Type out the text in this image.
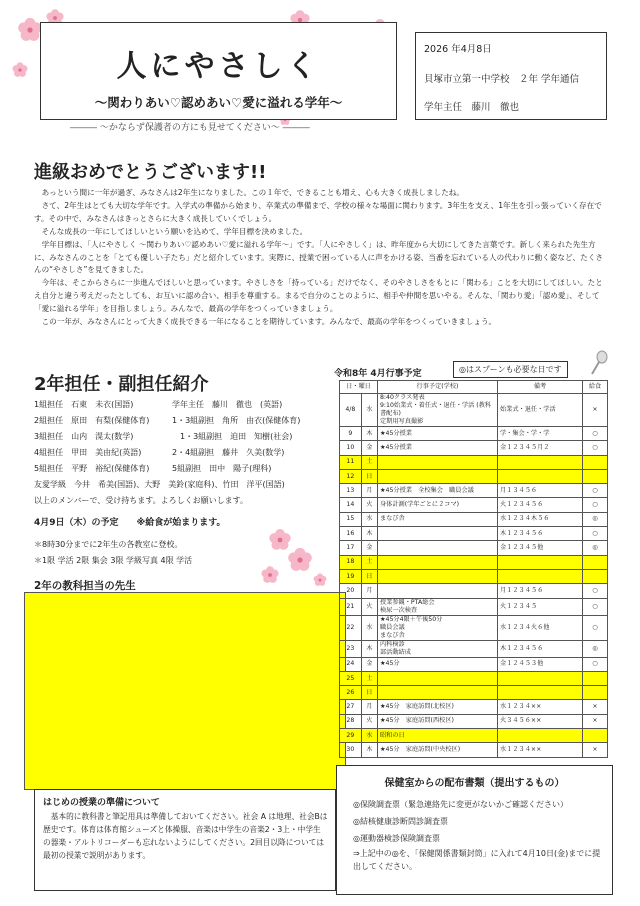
人にやさしく
～関わりあい♡認めあい♡愛に溢れる学年～
――― ～かならず保護者の方にも見せてください～ ―――
2026 年4月8日
貝塚市立第一中学校　２年 学年通信
学年主任　藤川　徹也
進級おめでとうございます!!

　あっという間に一年が過ぎ、みなさんは2年生になりました。この１年で、できることも増え、心も大きく成長しましたね。

　さて、2年生はとても大切な学年です。入学式の準備から始まり、卒業式の準備まで、学校の様々な場面に関わります。3年生を支え、1年生を引っ張っていく存在です。その中で、みなさんはきっとさらに大きく成長していくでしょう。

　そんな成長の一年にしてほしいという願いを込めて、学年目標を決めました。

　学年目標は、「人にやさしく ～関わりあい♡認めあい♡愛に溢れる学年～」です。「人にやさしく」は、昨年度から大切にしてきた言葉です。新しく来られた先生方に、みなさんのことを「とても優しい子たち」だと紹介しています。実際に、授業で困っている人に声をかける姿、当番を忘れている人の代わりに動く姿など、たくさんの“やさしさ”を見てきました。

　今年は、そこからさらに一歩進んでほしいと思っています。やさしさを「持っている」だけでなく、そのやさしさをもとに「関わる」ことを大切にしてほしい。たとえ自分と違う考えだったとしても、お互いに認め合い、相手を尊重する。まるで自分のことのように、相手や仲間を思いやる。そんな、「関わり愛」「認め愛」、そして「愛に溢れる学年」を目指しましょう。みんなで、最高の学年をつくっていきましょう。

　この一年が、みなさんにとって大きく成長できる一年になることを期待しています。みんなで、最高の学年をつくっていきましょう。

2年担任・副担任紹介
1組担任　石東　未衣(国語)	学年主任　藤川　徹也　(英語)
2組担任　原田　有梨(保健体育)	1・3組副担　角所　由衣(保健体育)
3組担任　山内　滉太(数学)	　1・3組副担　迫田　知樹(社会)
4組担任　甲田　美由紀(英語)	2・4組副担　藤井　久美(数学)
5組担任　平野　裕紀(保健体育)	5組副担　田中　陽子(理科)
友愛学級　今井　希美(国語)、大野　美鈴(家庭科)、竹田　洋平(国語)
以上のメンバーで、受け持ちます。よろしくお願いします。
4月9日（木）の予定　　※給食が始まります。
＊8時30分までに2年生の各教室に登校。
＊1限 学活 2限 集会 3限 学級写真 4限 学活
2年の教科担当の先生
はじめの授業の準備について
　基本的に教科書と筆記用具は準備しておいてください。社会 A は地理、社会Bは歴史です。体育は体育館シューズと体操服、音楽は中学生の音楽2・3上・中学生の器楽・アルトリコーダーも忘れないようにしてください。2回目以降については最初の授業で説明があります。
令和8年 4月行事予定	◎はスプーンも必要な日です
日・曜日		行事予定(学校)	備考	給食
4/8	水	8:40クラス発表
9:10始業式・着任式・退任・学活 (教科書配布)
定期用写真撮影	始業式・退任・学活	×
9	木	★45分授業	学・集会・学・学	○
10	金	★45分授業	金１２３４５月２	○
11	土			
12	日			
13	月	★45分授業　全校集会　職員会議	月１３４５６	○
14	火	身体計測(学年ごとに２コマ)	火１２３４５６	○
15	水	まなび舎	水１２３４木５６	◎
16	木		木１２３４５６	○
17	金		金１２３４５他	◎
18	土			
19	日			
20	月		月１２３４５６	○
21	火	授業参観・PTA総会
検尿一次検査	火１２３４５	○
22	水	★45分4限＋午後50分
職員会議
まなび舎	水１２３４火６他	○
23	木	内科検診
部活動結成	木１２３４５６	◎
24	金	★45分	金１２４５３他	○
25	土			
26	日			
27	月	★45分　家庭訪問(北校区)	水１２３４××	×
28	火	★45分　家庭訪問(西校区)	火３４５６××	×
29	水	昭和の日		
30	木	★45分　家庭訪問(中央校区)	水１２３４××	×
保健室からの配布書類（提出するもの）
◎保険調査票（緊急連絡先に変更がないかご確認ください）
◎結核健康診断問診調査票
◎運動器検診保険調査票
⇒上記中の◎を、「保健関係書類封筒」に入れて4月10日(金)までに提出してください。
